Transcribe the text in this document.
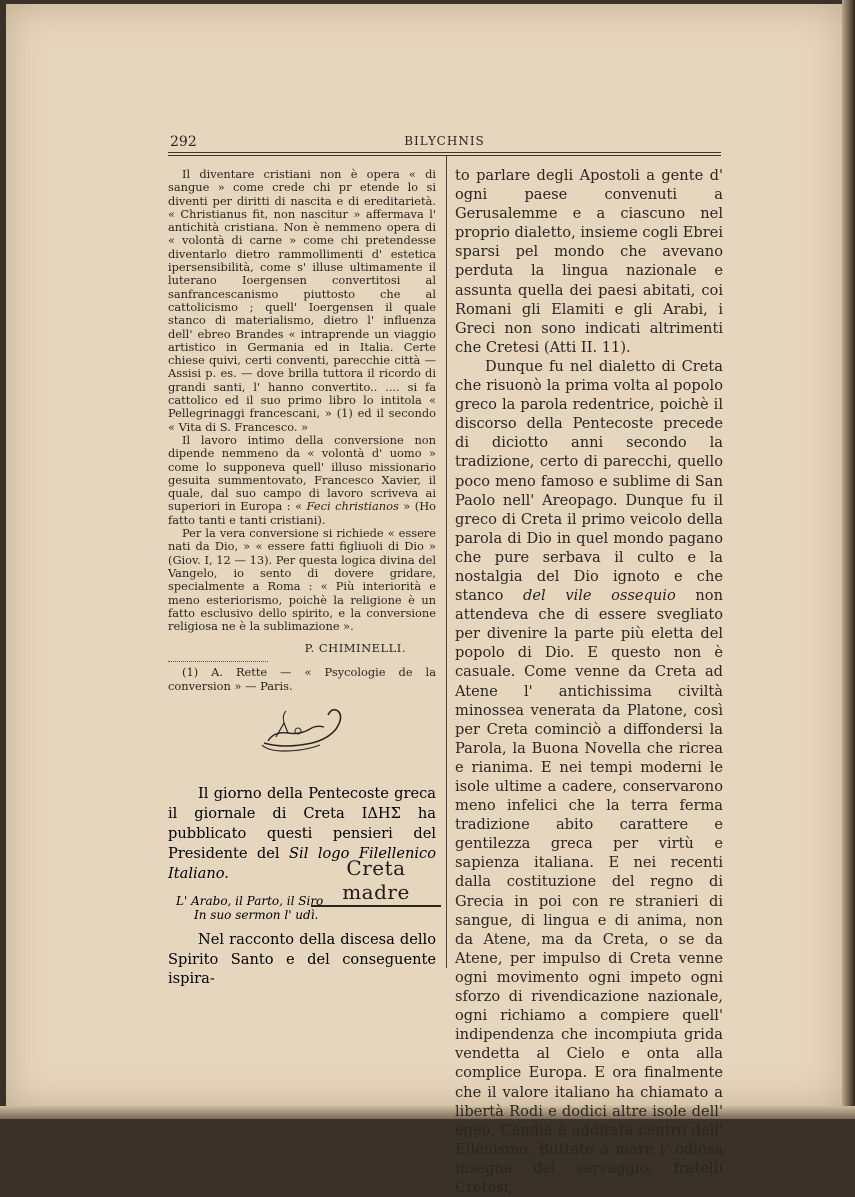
292	BILYCHNIS

Il diventare cristiani non è opera « di sangue » come crede chi pr etende lo si diventi per diritti di nascita e di ereditarietà. « Christianus fit, non nascitur » affermava l' antichità cristiana. Non è nemmeno opera di « volontà di carne » come chi pretendesse diventarlo dietro rammollimenti d' estetica ipersensibilità, come s' illuse ultimamente il luterano Ioergensen convertitosi al sanfrancescanismo piuttosto che al cattolicismo ; quell' Ioergensen il quale stanco di materialismo, dietro l' influenza dell' ebreo Brandes « intraprende un viaggio artistico in Germania ed in Italia. Certe chiese quivi, certi conventi, parecchie città — Assisi p. es. — dove brilla tuttora il ricordo di grandi santi, l' hanno convertito.. .... si fa cattolico ed il suo primo libro lo intitola « Pellegrinaggi francescani, » (1) ed il secondo « Vita di S. Francesco. »

Il lavoro intimo della conversione non dipende nemmeno da « volontà d' uomo » come lo supponeva quell' illuso missionario gesuita summentovato, Francesco Xavier, il quale, dal suo campo di lavoro scriveva ai superiori in Europa : « Feci christianos » (Ho fatto tanti e tanti cristiani).

Per la vera conversione si richiede « essere nati da Dio, » « essere fatti figliuoli di Dio » (Giov. I, 12 — 13). Per questa logica divina del Vangelo, io sento di dovere gridare, specialmente a Roma : « Più interiorità e meno esteriorismo, poichè la religione è un fatto esclusivo dello spirito, e la conversione religiosa ne è la sublimazione ».

P. CHIMINELLI.

(1) A. Rette — « Psycologie de la conversion » — Paris.

Il giorno della Pentecoste greca il giornale di Creta ΙΔΗΣ ha pubblicato questi pensieri del Presidente del Sil logo Filellenico Italiano.	Creta madre
L' Arabo, il Parto, il Siro
In suo sermon l' udì.

Nel racconto della discesa dello Spirito Santo e del conseguente ispira-

to parlare degli Apostoli a gente d' ogni paese convenuti a Gerusalemme e a ciascuno nel proprio dialetto, insieme cogli Ebrei sparsi pel mondo che avevano perduta la lingua nazionale e assunta quella dei paesi abitati, coi Romani gli Elamiti e gli Arabi, i Greci non sono indicati altrimenti che Cretesi (Atti II. 11).

Dunque fu nel dialetto di Creta che risuonò la prima volta al popolo greco la parola redentrice, poichè il discorso della Pentecoste precede di diciotto anni secondo la tradizione, certo di parecchi, quello poco meno famoso e sublime di San Paolo nell' Areopago. Dunque fu il greco di Creta il primo veicolo della parola di Dio in quel mondo pagano che pure serbava il culto e la nostalgia del Dio ignoto e che stanco del vile ossequio non attendeva che di essere svegliato per divenire la parte più eletta del popolo di Dio. E questo non è casuale. Come venne da Creta ad Atene l' antichissima civiltà minossea venerata da Platone, così per Creta cominciò a diffondersi la Parola, la Buona Novella che ricrea e rianima. E nei tempi moderni le isole ultime a cadere, conservarono meno infelici che la terra ferma tradizione abito carattere e gentilezza greca per virtù e sapienza italiana. E nei recenti dalla costituzione del regno di Grecia in poi con re stranieri di sangue, di lingua e di anima, non da Atene, ma da Creta, o se da Atene, per impulso di Creta venne ogni movimento ogni impeto ogni sforzo di rivendicazione nazionale, ogni richiamo a compiere quell' indipendenza che incompiuta grida vendetta al Cielo e onta alla complice Europa. E ora finalmente che il valore italiano ha chiamato a libertà Rodi e dodici altre isole dell' egeo, Candia è additata centro dell' Ellenismo. Buttate a mare l' odiosa insegna del servaggio, fratelli Cretesi,
